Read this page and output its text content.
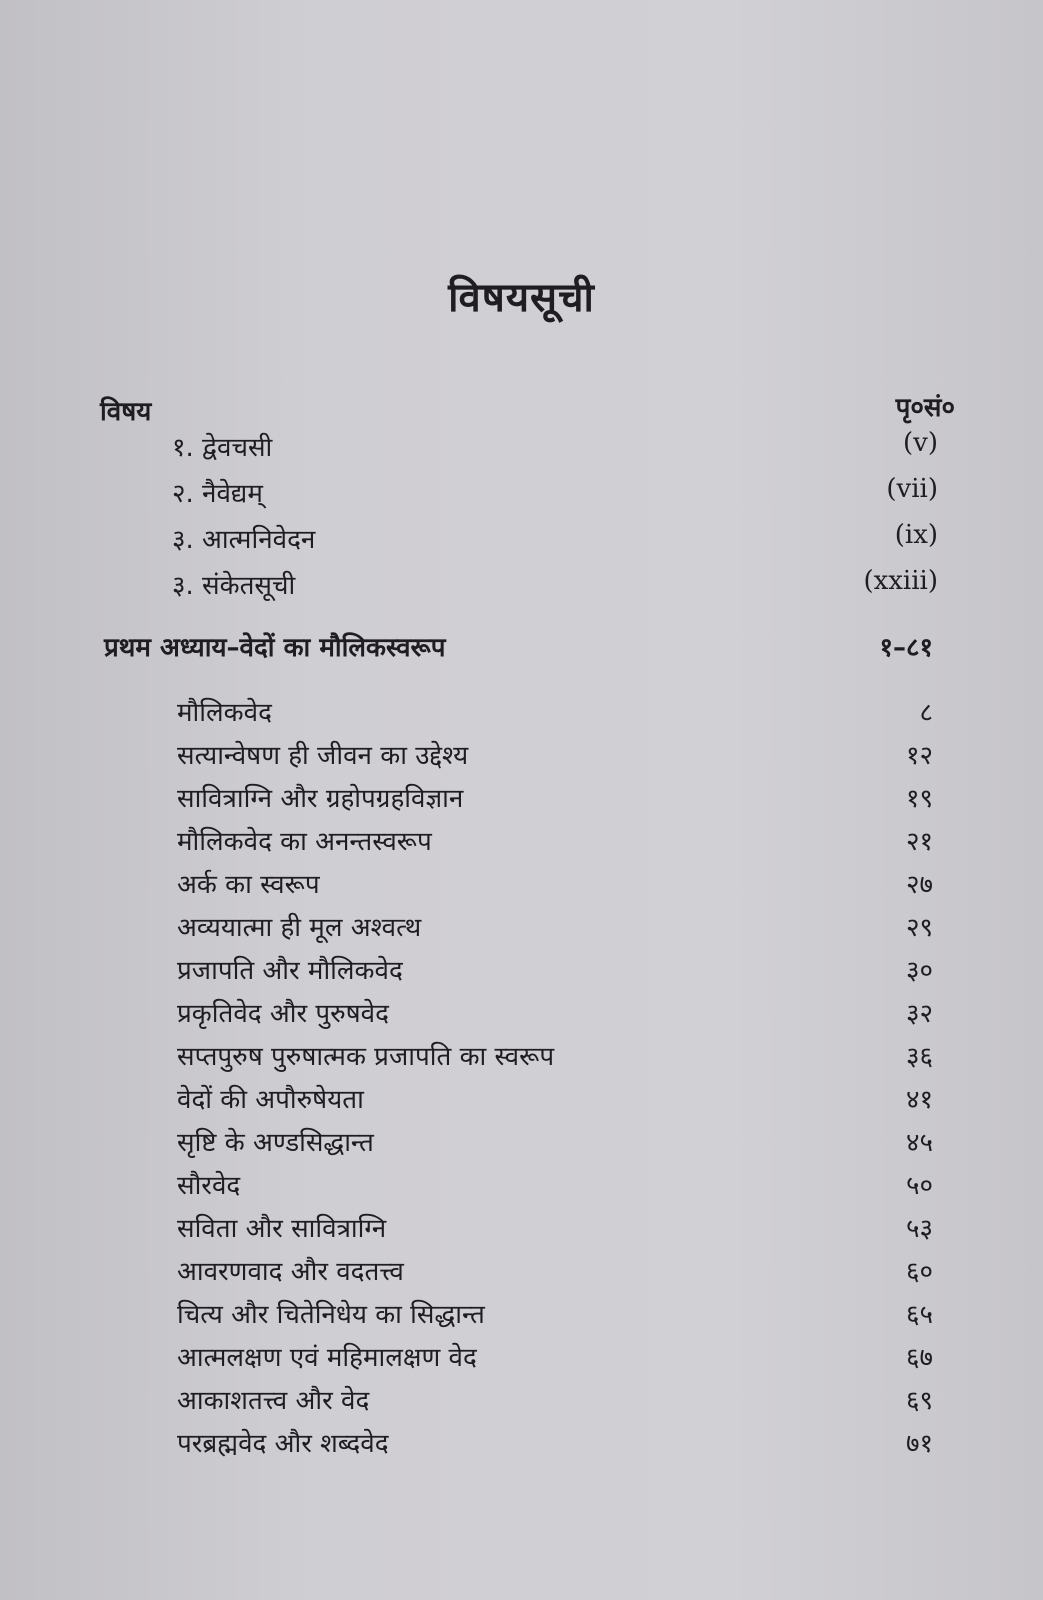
विषयसूची
विषय	पृ०सं०
१. द्वेवचसी	(v)
२. नैवेद्यम्	(vii)
३. आत्मनिवेदन	(ix)
३. संकेतसूची	(xxiii)
प्रथम अध्याय–वेदों का मौलिकस्वरूप	१–८१
मौलिकवेद	८
सत्यान्वेषण ही जीवन का उद्देश्य	१२
सावित्राग्नि और ग्रहोपग्रहविज्ञान	१९
मौलिकवेद का अनन्तस्वरूप	२१
अर्क का स्वरूप	२७
अव्ययात्मा ही मूल अश्वत्थ	२९
प्रजापति और मौलिकवेद	३०
प्रकृतिवेद और पुरुषवेद	३२
सप्तपुरुष पुरुषात्मक प्रजापति का स्वरूप	३६
वेदों की अपौरुषेयता	४१
सृष्टि के अण्डसिद्धान्त	४५
सौरवेद	५०
सविता और सावित्राग्नि	५३
आवरणवाद और वदतत्त्व	६०
चित्य और चितेनिधेय का सिद्धान्त	६५
आत्मलक्षण एवं महिमालक्षण वेद	६७
आकाशतत्त्व और वेद	६९
परब्रह्मवेद और शब्दवेद	७१
